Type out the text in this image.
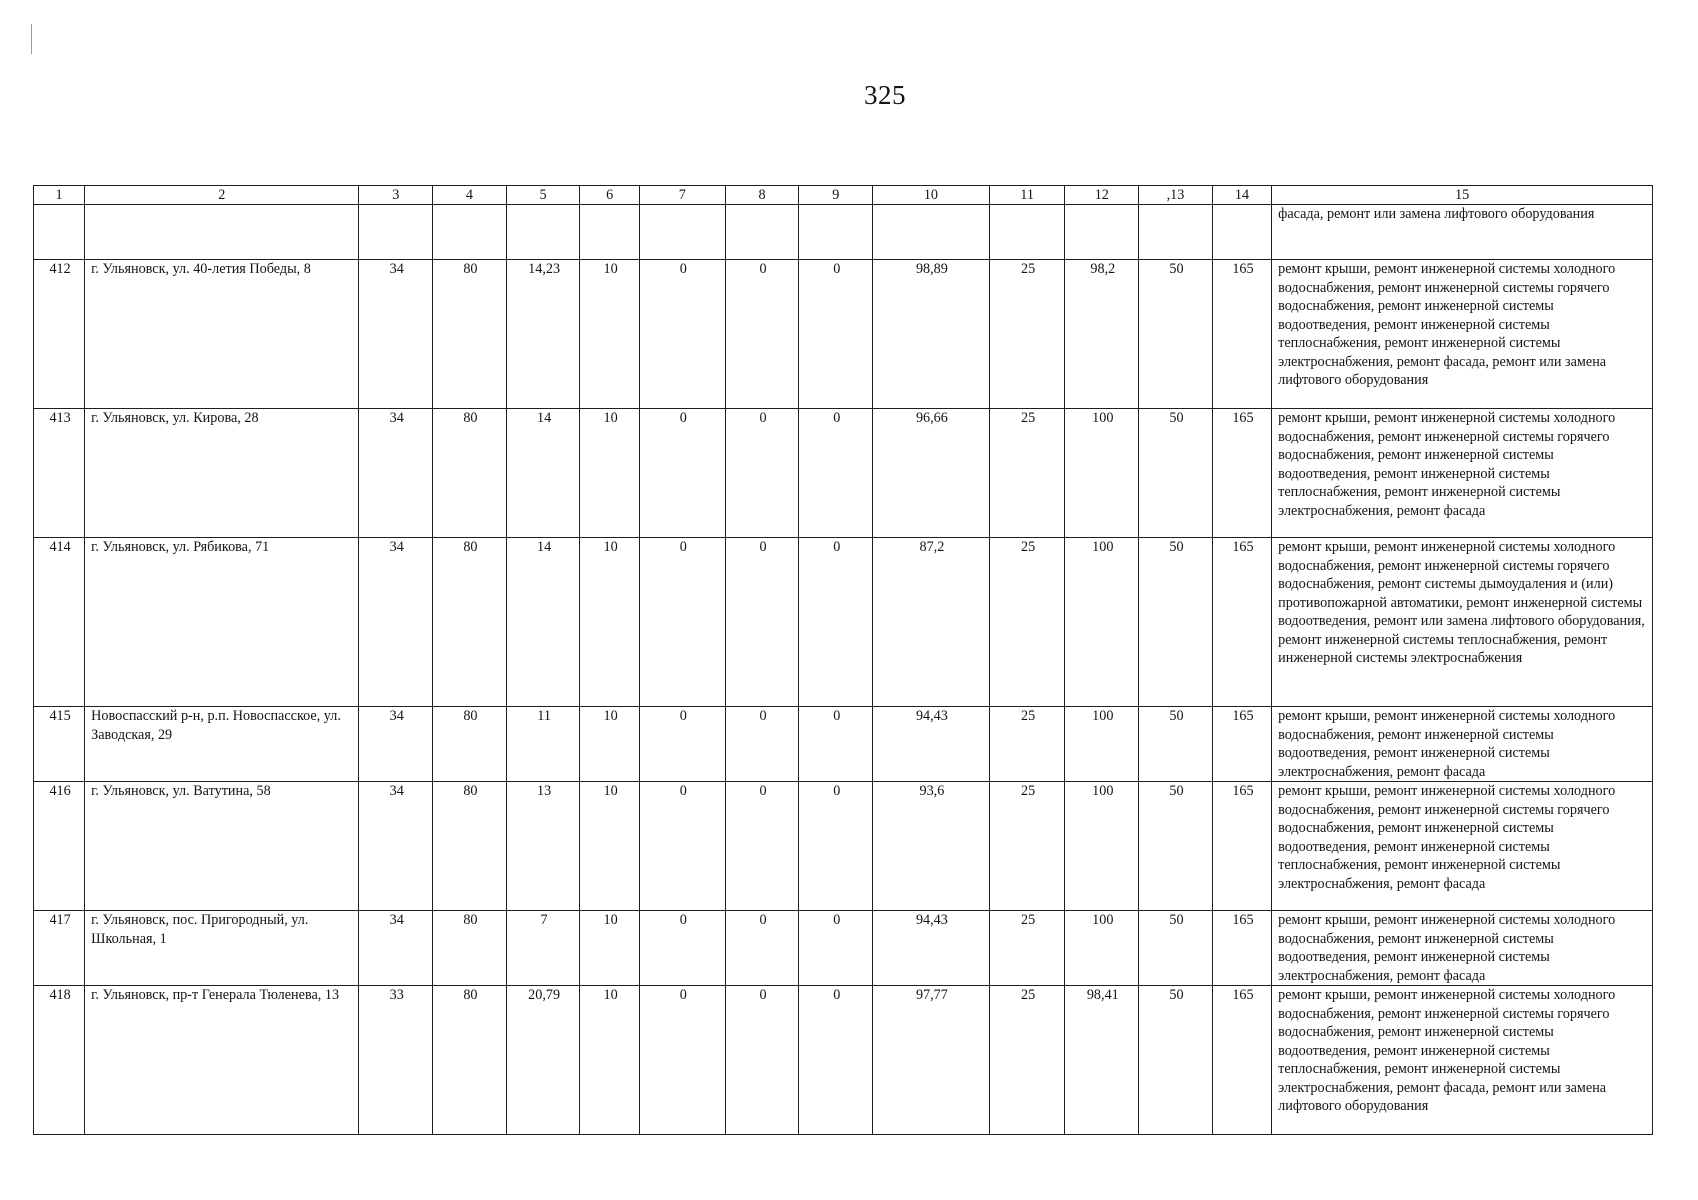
325
1	2	3	4	5	6	7	8	9	10	11	12	,13	14	15
														фасада, ремонт или замена лифтового оборудования
412	г. Ульяновск, ул. 40-летия Победы, 8	34	80	14,23	10	0	0	0	98,89	25	98,2	50	165	ремонт крыши, ремонт инженерной системы холодного водоснабжения, ремонт инженерной системы горячего водоснабжения, ремонт инженерной системы водоотведения, ремонт инженерной системы теплоснабжения, ремонт инженерной системы электроснабжения, ремонт фасада, ремонт или замена лифтового оборудования
413	г. Ульяновск, ул. Кирова, 28	34	80	14	10	0	0	0	96,66	25	100	50	165	ремонт крыши, ремонт инженерной системы холодного водоснабжения, ремонт инженерной системы горячего водоснабжения, ремонт инженерной системы водоотведения, ремонт инженерной системы теплоснабжения, ремонт инженерной системы электроснабжения, ремонт фасада
414	г. Ульяновск, ул. Рябикова, 71	34	80	14	10	0	0	0	87,2	25	100	50	165	ремонт крыши, ремонт инженерной системы холодного водоснабжения, ремонт инженерной системы горячего водоснабжения, ремонт системы дымоудаления и (или) противопожарной автоматики, ремонт инженерной системы водоотведения, ремонт или замена лифтового оборудования, ремонт инженерной системы теплоснабжения, ремонт инженерной системы электроснабжения
415	Новоспасский р-н, р.п. Новоспасское, ул. Заводская, 29	34	80	11	10	0	0	0	94,43	25	100	50	165	ремонт крыши, ремонт инженерной системы холодного водоснабжения, ремонт инженерной системы водоотведения, ремонт инженерной системы электроснабжения, ремонт фасада
416	г. Ульяновск, ул. Ватутина, 58	34	80	13	10	0	0	0	93,6	25	100	50	165	ремонт крыши, ремонт инженерной системы холодного водоснабжения, ремонт инженерной системы горячего водоснабжения, ремонт инженерной системы водоотведения, ремонт инженерной системы теплоснабжения, ремонт инженерной системы электроснабжения, ремонт фасада
417	г. Ульяновск, пос. Пригородный, ул. Школьная, 1	34	80	7	10	0	0	0	94,43	25	100	50	165	ремонт крыши, ремонт инженерной системы холодного водоснабжения, ремонт инженерной системы водоотведения, ремонт инженерной системы электроснабжения, ремонт фасада
418	г. Ульяновск, пр-т Генерала Тюленева, 13	33	80	20,79	10	0	0	0	97,77	25	98,41	50	165	ремонт крыши, ремонт инженерной системы холодного водоснабжения, ремонт инженерной системы горячего водоснабжения, ремонт инженерной системы водоотведения, ремонт инженерной системы теплоснабжения, ремонт инженерной системы электроснабжения, ремонт фасада, ремонт или замена лифтового оборудования
